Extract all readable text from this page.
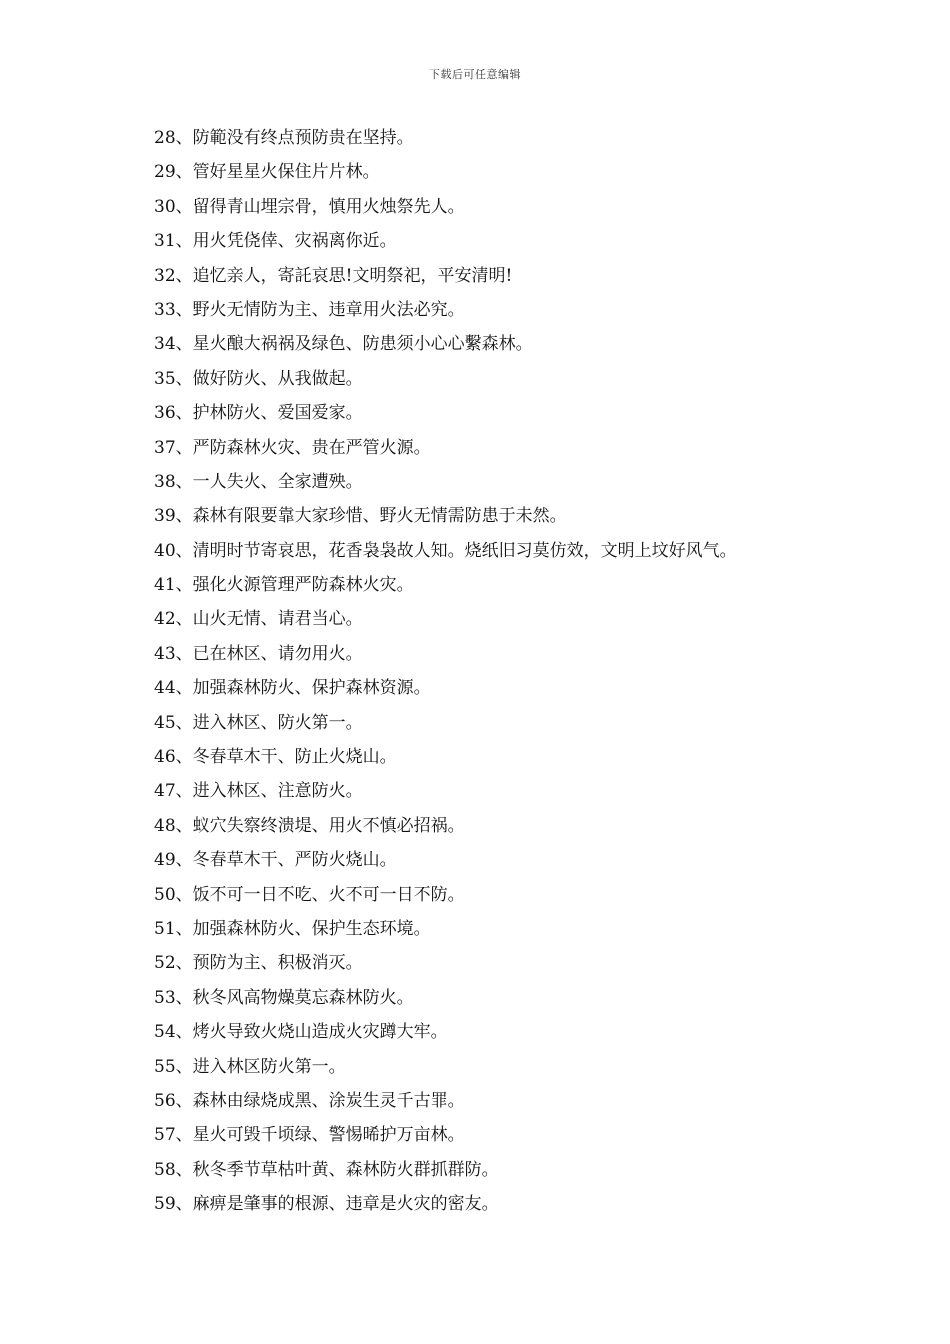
下载后可任意编辑
28、防範没有终点预防贵在坚持。
29、管好星星火保住片片林。
30、留得青山埋宗骨，慎用火烛祭先人。
31、用火凭侥倖、灾祸离你近。
32、追忆亲人，寄託哀思!文明祭祀，平安清明!
33、野火无情防为主、违章用火法必究。
34、星火酿大祸祸及绿色、防患须小心心繫森林。
35、做好防火、从我做起。
36、护林防火、爱国爱家。
37、严防森林火灾、贵在严管火源。
38、一人失火、全家遭殃。
39、森林有限要靠大家珍惜、野火无情需防患于未然。
40、清明时节寄哀思，花香袅袅故人知。烧纸旧习莫仿效，文明上坟好风气。
41、强化火源管理严防森林火灾。
42、山火无情、请君当心。
43、已在林区、请勿用火。
44、加强森林防火、保护森林资源。
45、进入林区、防火第一。
46、冬春草木干、防止火烧山。
47、进入林区、注意防火。
48、蚁穴失察终溃堤、用火不慎必招祸。
49、冬春草木干、严防火烧山。
50、饭不可一日不吃、火不可一日不防。
51、加强森林防火、保护生态环境。
52、预防为主、积极消灭。
53、秋冬风高物燥莫忘森林防火。
54、烤火导致火烧山造成火灾蹲大牢。
55、进入林区防火第一。
56、森林由绿烧成黑、涂炭生灵千古罪。
57、星火可毁千顷绿、警惕晞护万亩林。
58、秋冬季节草枯叶黄、森林防火群抓群防。
59、麻痹是肇事的根源、违章是火灾的密友。
